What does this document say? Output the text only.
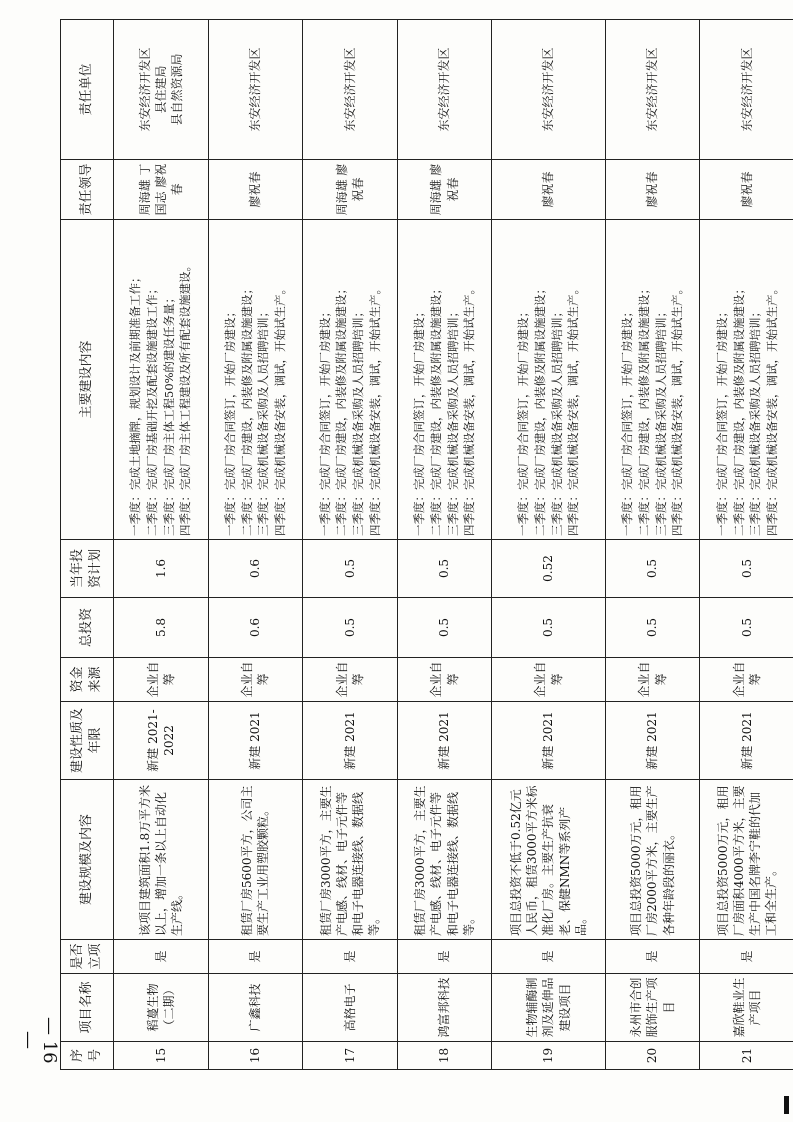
序号	项目名称	是否立项	建设规模及内容	建设性质及年限	资金来源	总投资	当年投资计划	主要建设内容	责任领导	责任单位
15	稻蔓生物（二期）	是	该项目建筑面积1.8万平方米以上，增加一条以上自动化生产线。	新建 2021-2022	企业自筹	5.8	1.6	一季度：完成土地摘牌，规划设计及前期准备工作； 二季度：完成厂房基础开挖及配套设施建设工作； 三季度：完成厂房主体工程50%的建设任务量； 四季度：完成厂房主体工程建设及所有配套设施建设。	周海雄 丁国志 廖祝春	东安经济开发区 县住建局 县自然资源局

16	广鑫科技	是	租赁厂房5600平方，公司主要生产工业用塑胶颗粒。	新建 2021	企业自筹	0.6	0.6	一季度：完成厂房合同签订，开始厂房建设； 二季度：完成厂房建设，内装修及附属设施建设； 三季度：完成机械设备采购及人员招聘培训； 四季度：完成机械设备安装，调试，开始试生产。	廖祝春	东安经济开发区

17	高格电子	是	租赁厂房3000平方，主要生产电感、线材、电子元件等和电子电器连接线、数据线等。	新建 2021	企业自筹	0.5	0.5	一季度：完成厂房合同签订，开始厂房建设； 二季度：完成厂房建设，内装修及附属设施建设； 三季度：完成机械设备采购及人员招聘培训； 四季度：完成机械设备安装，调试，开始试生产。	周海雄 廖祝春	东安经济开发区

18	鸿富邦科技	是	租赁厂房3000平方，主要生产电感、线材、电子元件等和电子电器连接线、数据线等。	新建 2021	企业自筹	0.5	0.5	一季度：完成厂房合同签订，开始厂房建设； 二季度：完成厂房建设，内装修及附属设施建设； 三季度：完成机械设备采购及人员招聘培训； 四季度：完成机械设备安装，调试，开始试生产。	周海雄 廖祝春	东安经济开发区

19	生物辅酶制剂及延伸品建设项目	是	项目总投资不低于0.52亿元人民币，租赁3000平方米标准化厂房。主要生产抗衰老、保健NMN等系列产品。	新建 2021	企业自筹	0.5	0.52	一季度：完成厂房合同签订，开始厂房建设； 二季度：完成厂房建设，内装修及附属设施建设； 三季度：完成机械设备采购及人员招聘培训； 四季度：完成机械设备安装，调试，开始试生产。	廖祝春	东安经济开发区

20	永州市合创服饰生产项目	是	项目总投资5000万元，租用厂房2000平方米，主要生产各种年龄段的丽衣。	新建 2021	企业自筹	0.5	0.5	一季度：完成厂房合同签订，开始厂房建设； 二季度：完成厂房建设，内装修及附属设施建设； 三季度：完成机械设备采购及人员招聘培训； 四季度：完成机械设备安装，调试，开始试生产。	廖祝春	东安经济开发区

21	嘉欣鞋业生产项目	是	项目总投资5000万元，租用厂房面积4000平方米，主要生产中国名牌李宁鞋的代加工和全生产。	新建 2021	企业自筹	0.5	0.5	一季度：完成厂房合同签订，开始厂房建设； 二季度：完成厂房建设，内装修及附属设施建设； 三季度：完成机械设备采购及人员招聘培训； 四季度：完成机械设备安装，调试，开始试生产。	廖祝春	东安经济开发区
— 16 —
